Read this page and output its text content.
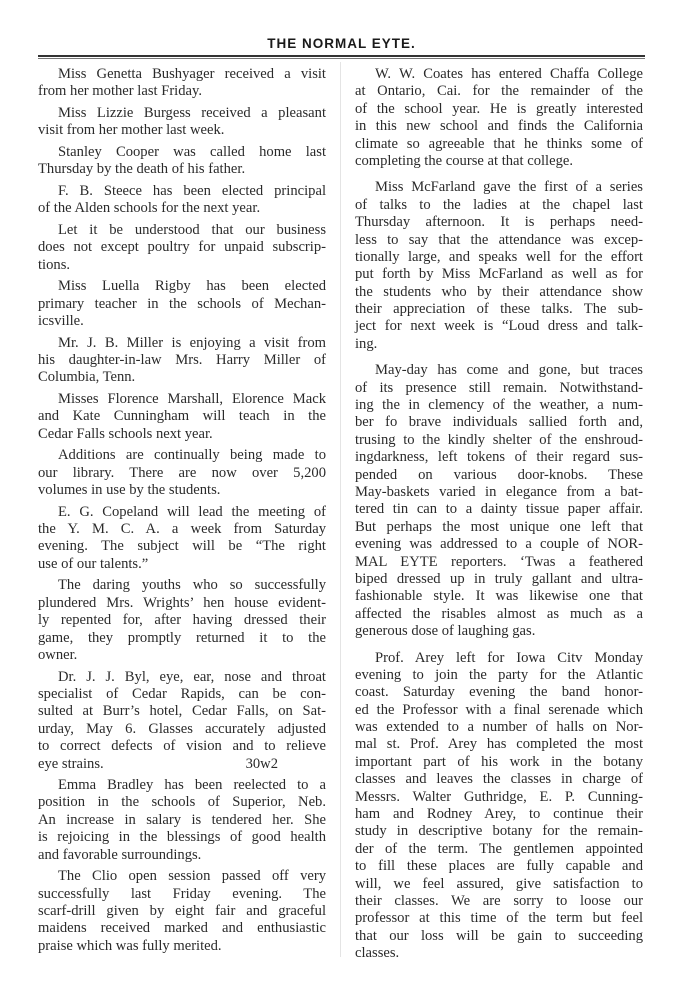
THE NORMAL EYTE.
Miss Genetta Bushyager received a visit
from her mother last Friday.
Miss Lizzie Burgess received a pleasant
visit from her mother last week.
Stanley Cooper was called home last
Thursday by the death of his father.
F. B. Steece has been elected principal
of the Alden schools for the next year.
Let it be understood that our business
does not except poultry for unpaid subscrip-
tions.
Miss Luella Rigby has been elected
primary teacher in the schools of Mechan-
icsville.
Mr. J. B. Miller is enjoying a visit from
his daughter-in-law Mrs. Harry Miller of
Columbia, Tenn.
Misses Florence Marshall, Elorence Mack
and Kate Cunningham will teach in the
Cedar Falls schools next year.
Additions are continually being made to
our library. There are now over 5,200
volumes in use by the students.
E. G. Copeland will lead the meeting of
the Y. M. C. A. a week from Saturday
evening. The subject will be “The right
use of our talents.”
The daring youths who so successfully
plundered Mrs. Wrights’ hen house evident-
ly repented for, after having dressed their
game, they promptly returned it to the
owner.
Dr. J. J. Byl, eye, ear, nose and throat
specialist of Cedar Rapids, can be con-
sulted at Burr’s hotel, Cedar Falls, on Sat-
urday, May 6. Glasses accurately adjusted
to correct defects of vision and to relieve
eye strains.	30w2
Emma Bradley has been reelected to a
position in the schools of Superior, Neb.
An increase in salary is tendered her. She
is rejoicing in the blessings of good health
and favorable surroundings.
The Clio open session passed off very
successfully last Friday evening. The
scarf-drill given by eight fair and graceful
maidens received marked and enthusiastic
praise which was fully merited.
W. W. Coates has entered Chaffa College
at Ontario, Cai. for the remainder of the
of the school year. He is greatly interested
in this new school and finds the California
climate so agreeable that he thinks some of
completing the course at that college.
Miss McFarland gave the first of a series
of talks to the ladies at the chapel last
Thursday afternoon. It is perhaps need-
less to say that the attendance was excep-
tionally large, and speaks well for the effort
put forth by Miss McFarland as well as for
the students who by their attendance show
their appreciation of these talks. The sub-
ject for next week is “Loud dress and talk-
ing.
May-day has come and gone, but traces
of its presence still remain. Notwithstand-
ing the in clemency of the weather, a num-
ber fo brave individuals sallied forth and,
trusing to the kindly shelter of the enshroud-
ingdarkness, left tokens of their regard sus-
pended on various door-knobs. These
May-baskets varied in elegance from a bat-
tered tin can to a dainty tissue paper affair.
But perhaps the most unique one left that
evening was addressed to a couple of NOR-
MAL EYTE reporters. ‘Twas a feathered
biped dressed up in truly gallant and ultra-
fashionable style. It was likewise one that
affected the risables almost as much as a
generous dose of laughing gas.
Prof. Arey left for Iowa Citv Monday
evening to join the party for the Atlantic
coast. Saturday evening the band honor-
ed the Professor with a final serenade which
was extended to a number of halls on Nor-
mal st. Prof. Arey has completed the most
important part of his work in the botany
classes and leaves the classes in charge of
Messrs. Walter Guthridge, E. P. Cunning-
ham and Rodney Arey, to continue their
study in descriptive botany for the remain-
der of the term. The gentlemen appointed
to fill these places are fully capable and
will, we feel assured, give satisfaction to
their classes. We are sorry to loose our
professor at this time of the term but feel
that our loss will be gain to succeeding
classes.
